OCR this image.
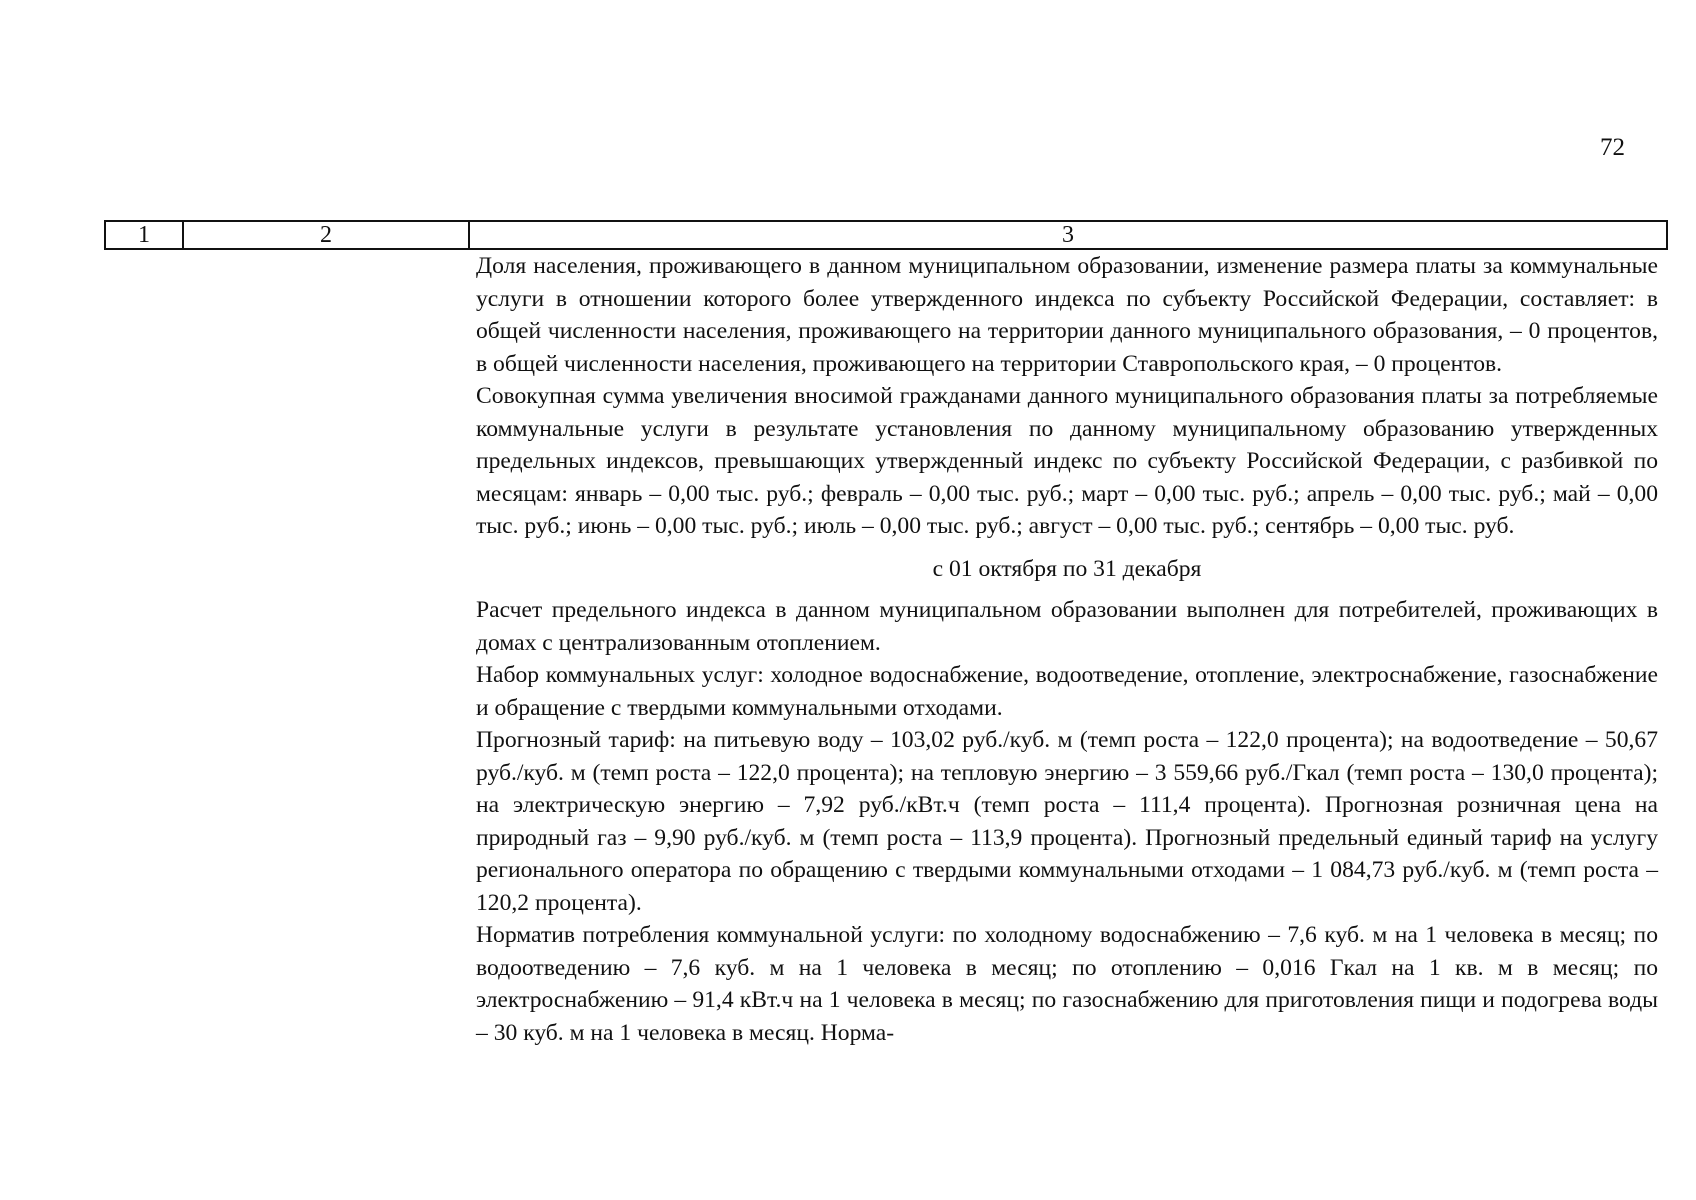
72
1	2	3

Доля населения, проживающего в данном муниципальном образовании, изменение размера платы за коммунальные услуги в отношении которого более утвержденного индекса по субъекту Российской Федерации, составляет: в общей численности населения, проживающего на территории данного муниципального образования, – 0 процентов, в общей численности населения, проживающего на территории Ставропольского края, – 0 процентов.

Совокупная сумма увеличения вносимой гражданами данного муниципального образования платы за потребляемые коммунальные услуги в результате установления по данному муниципальному образованию утвержденных предельных индексов, превышающих утвержденный индекс по субъекту Российской Федерации, с разбивкой по месяцам: январь – 0,00 тыс. руб.; февраль – 0,00 тыс. руб.; март – 0,00 тыс. руб.; апрель – 0,00 тыс. руб.; май – 0,00 тыс. руб.; июнь – 0,00 тыс. руб.; июль – 0,00 тыс. руб.; август – 0,00 тыс. руб.; сентябрь – 0,00 тыс. руб.

с 01 октября по 31 декабря

Расчет предельного индекса в данном муниципальном образовании выполнен для потребителей, проживающих в домах с централизованным отоплением.

Набор коммунальных услуг: холодное водоснабжение, водоотведение, отопление, электроснабжение, газоснабжение и обращение с твердыми коммунальными отходами.

Прогнозный тариф: на питьевую воду – 103,02 руб./куб. м (темп роста – 122,0 процента); на водоотведение – 50,67 руб./куб. м (темп роста – 122,0 процента); на тепловую энергию – 3 559,66 руб./Гкал (темп роста – 130,0 процента); на электрическую энергию – 7,92 руб./кВт.ч (темп роста – 111,4 процента). Прогнозная розничная цена на природный газ – 9,90 руб./куб. м (темп роста – 113,9 процента). Прогнозный предельный единый тариф на услугу регионального оператора по обращению с твердыми коммунальными отходами – 1 084,73 руб./куб. м (темп роста – 120,2 процента).

Норматив потребления коммунальной услуги: по холодному водоснабжению – 7,6 куб. м на 1 человека в месяц; по водоотведению – 7,6 куб. м на 1 человека в месяц; по отоплению – 0,016 Гкал на 1 кв. м в месяц; по электроснабжению – 91,4 кВт.ч на 1 человека в месяц; по газоснабжению для приготовления пищи и подогрева воды – 30 куб. м на 1 человека в месяц. Норма-
